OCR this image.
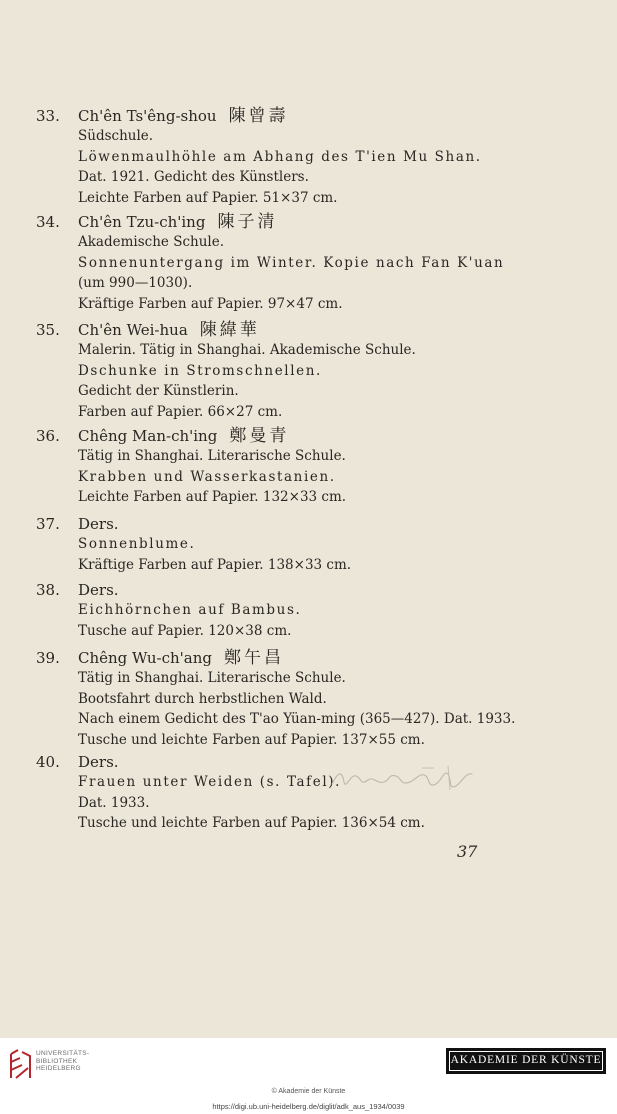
33. Ch'ên Ts'êng-shou 陳曾壽
Südschule.
Löwenmaulhöhle am Abhang des T'ien Mu Shan.
Dat. 1921. Gedicht des Künstlers.
Leichte Farben auf Papier. 51×37 cm.
34. Ch'ên Tzu-ch'ing 陳子清
Akademische Schule.
Sonnenuntergang im Winter. Kopie nach Fan K'uan
(um 990—1030).
Kräftige Farben auf Papier. 97×47 cm.
35. Ch'ên Wei-hua 陳緯華
Malerin. Tätig in Shanghai. Akademische Schule.
Dschunke in Stromschnellen.
Gedicht der Künstlerin.
Farben auf Papier. 66×27 cm.
36. Chêng Man-ch'ing 鄭曼青
Tätig in Shanghai. Literarische Schule.
Krabben und Wasserkastanien.
Leichte Farben auf Papier. 132×33 cm.
37. Ders.
Sonnenblume.
Kräftige Farben auf Papier. 138×33 cm.
38. Ders.
Eichhörnchen auf Bambus.
Tusche auf Papier. 120×38 cm.
39. Chêng Wu-ch'ang 鄭午昌
Tätig in Shanghai. Literarische Schule.
Bootsfahrt durch herbstlichen Wald.
Nach einem Gedicht des T'ao Yüan-ming (365—427). Dat. 1933.
Tusche und leichte Farben auf Papier. 137×55 cm.
40. Ders.
Frauen unter Weiden (s. Tafel).
Dat. 1933.
Tusche und leichte Farben auf Papier. 136×54 cm.
37
UNIVERSITÄTS-
BIBLIOTHEK
HEIDELBERG
AKADEMIE DER KÜNSTE
© Akademie der Künste
https://digi.ub.uni-heidelberg.de/diglit/adk_aus_1934/0039
